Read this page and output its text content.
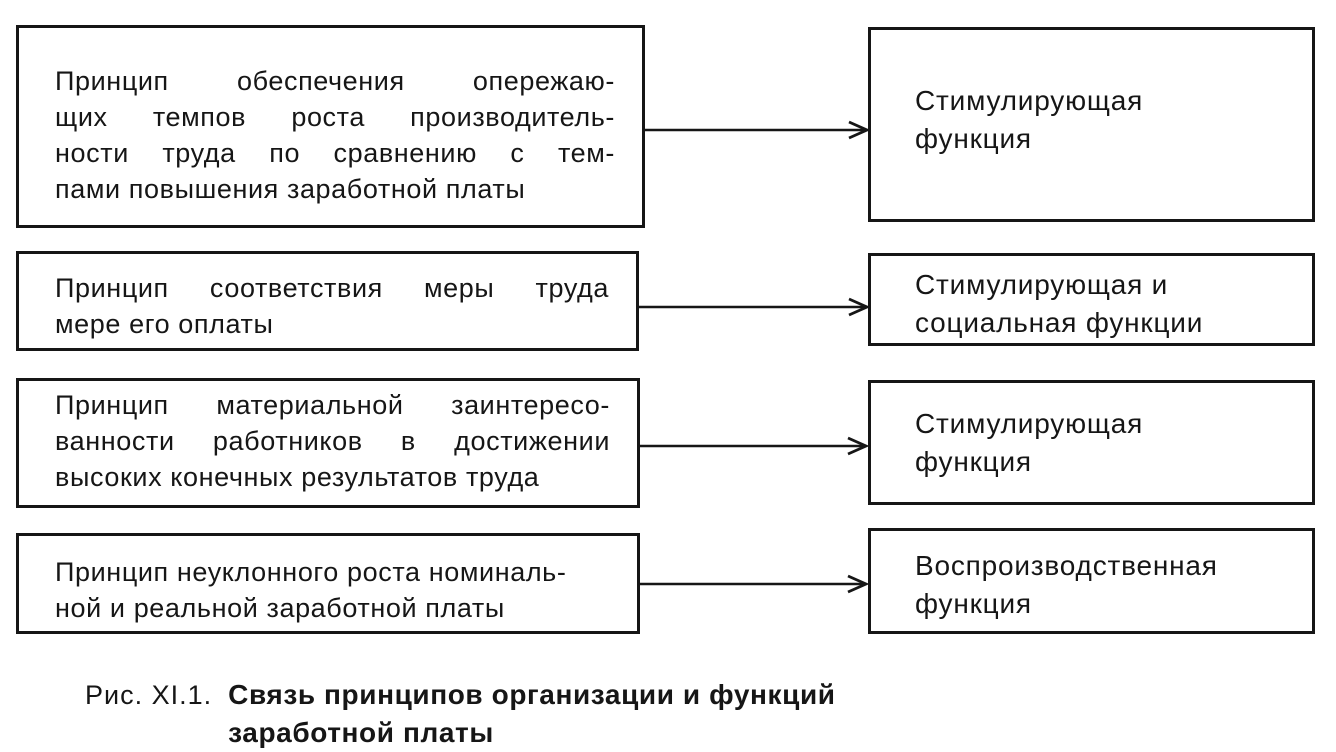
Принцип обеспечения опережаю-
щих темпов роста производитель-
ности труда по сравнению с тем-
пами повышения заработной платы
Стимулирующая
функция
Принцип соответствия меры труда
мере его оплаты
Стимулирующая и
социальная функции
Принцип материальной заинтересо-
ванности работников в достижении
высоких конечных результатов труда
Стимулирующая
функция
Принцип неуклонного роста номиналь-
ной и реальной заработной платы
Воспроизводственная
функция
Рис. XI.1. Связь принципов организации и функций
заработной платы
